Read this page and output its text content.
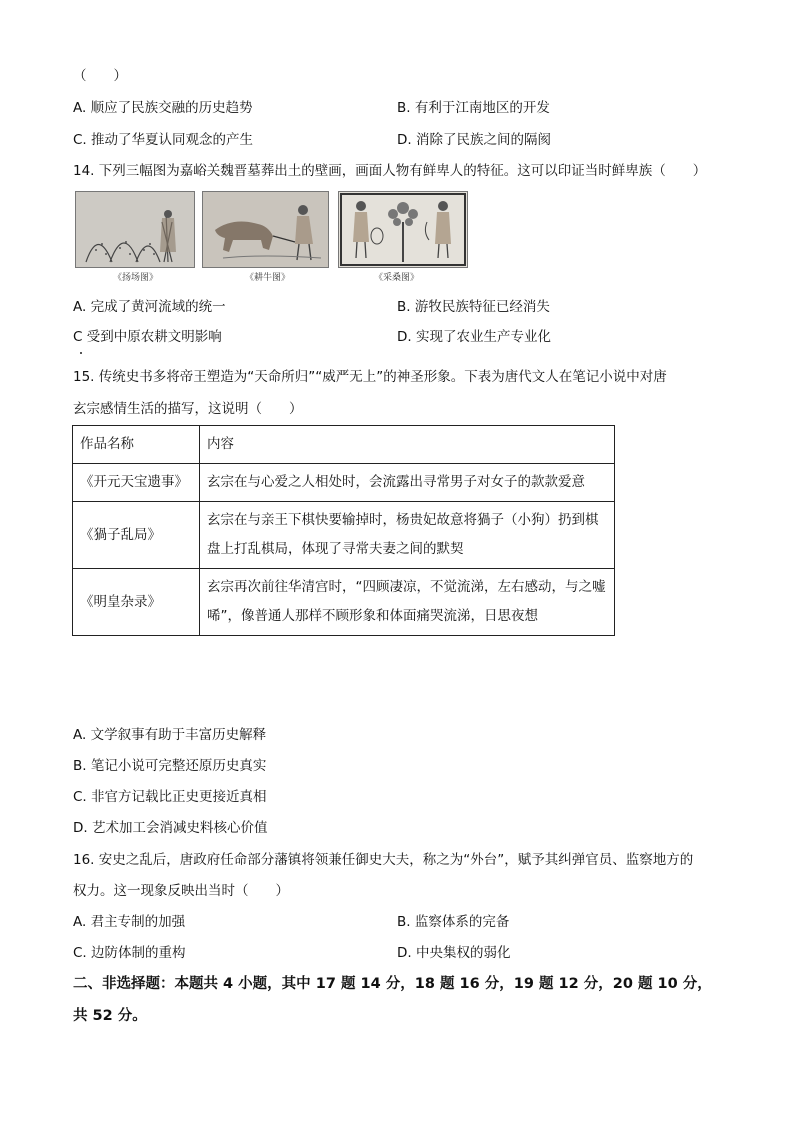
（　　）
A. 顺应了民族交融的历史趋势	B. 有利于江南地区的开发
C. 推动了华夏认同观念的产生	D. 消除了民族之间的隔阂
14. 下列三幅图为嘉峪关魏晋墓葬出土的壁画，画面人物有鲜卑人的特征。这可以印证当时鲜卑族（　　）
《扬场图》	《耕牛图》	《采桑图》
A. 完成了黄河流域的统一	B. 游牧民族特征已经消失
C 受到中原农耕文明影响	D. 实现了农业生产专业化
15. 传统史书多将帝王塑造为“天命所归”“威严无上”的神圣形象。下表为唐代文人在笔记小说中对唐
玄宗感情生活的描写，这说明（　　）
作品名称	内容
《开元天宝遗事》	玄宗在与心爱之人相处时，会流露出寻常男子对女子的款款爱意
《猧子乱局》	玄宗在与亲王下棋快要输掉时，杨贵妃故意将猧子（小狗）扔到棋盘上打乱棋局，体现了寻常夫妻之间的默契
《明皇杂录》	玄宗再次前往华清宫时，“四顾凄凉，不觉流涕，左右感动，与之嘘唏”，像普通人那样不顾形象和体面痛哭流涕，日思夜想
A. 文学叙事有助于丰富历史解释
B. 笔记小说可完整还原历史真实
C. 非官方记载比正史更接近真相
D. 艺术加工会消减史料核心价值
16. 安史之乱后，唐政府任命部分藩镇将领兼任御史大夫，称之为“外台”，赋予其纠弹官员、监察地方的
权力。这一现象反映出当时（　　）
A. 君主专制的加强	B. 监察体系的完备
C. 边防体制的重构	D. 中央集权的弱化
二、非选择题：本题共 4 小题，其中 17 题 14 分，18 题 16 分，19 题 12 分，20 题 10 分，
共 52 分。
